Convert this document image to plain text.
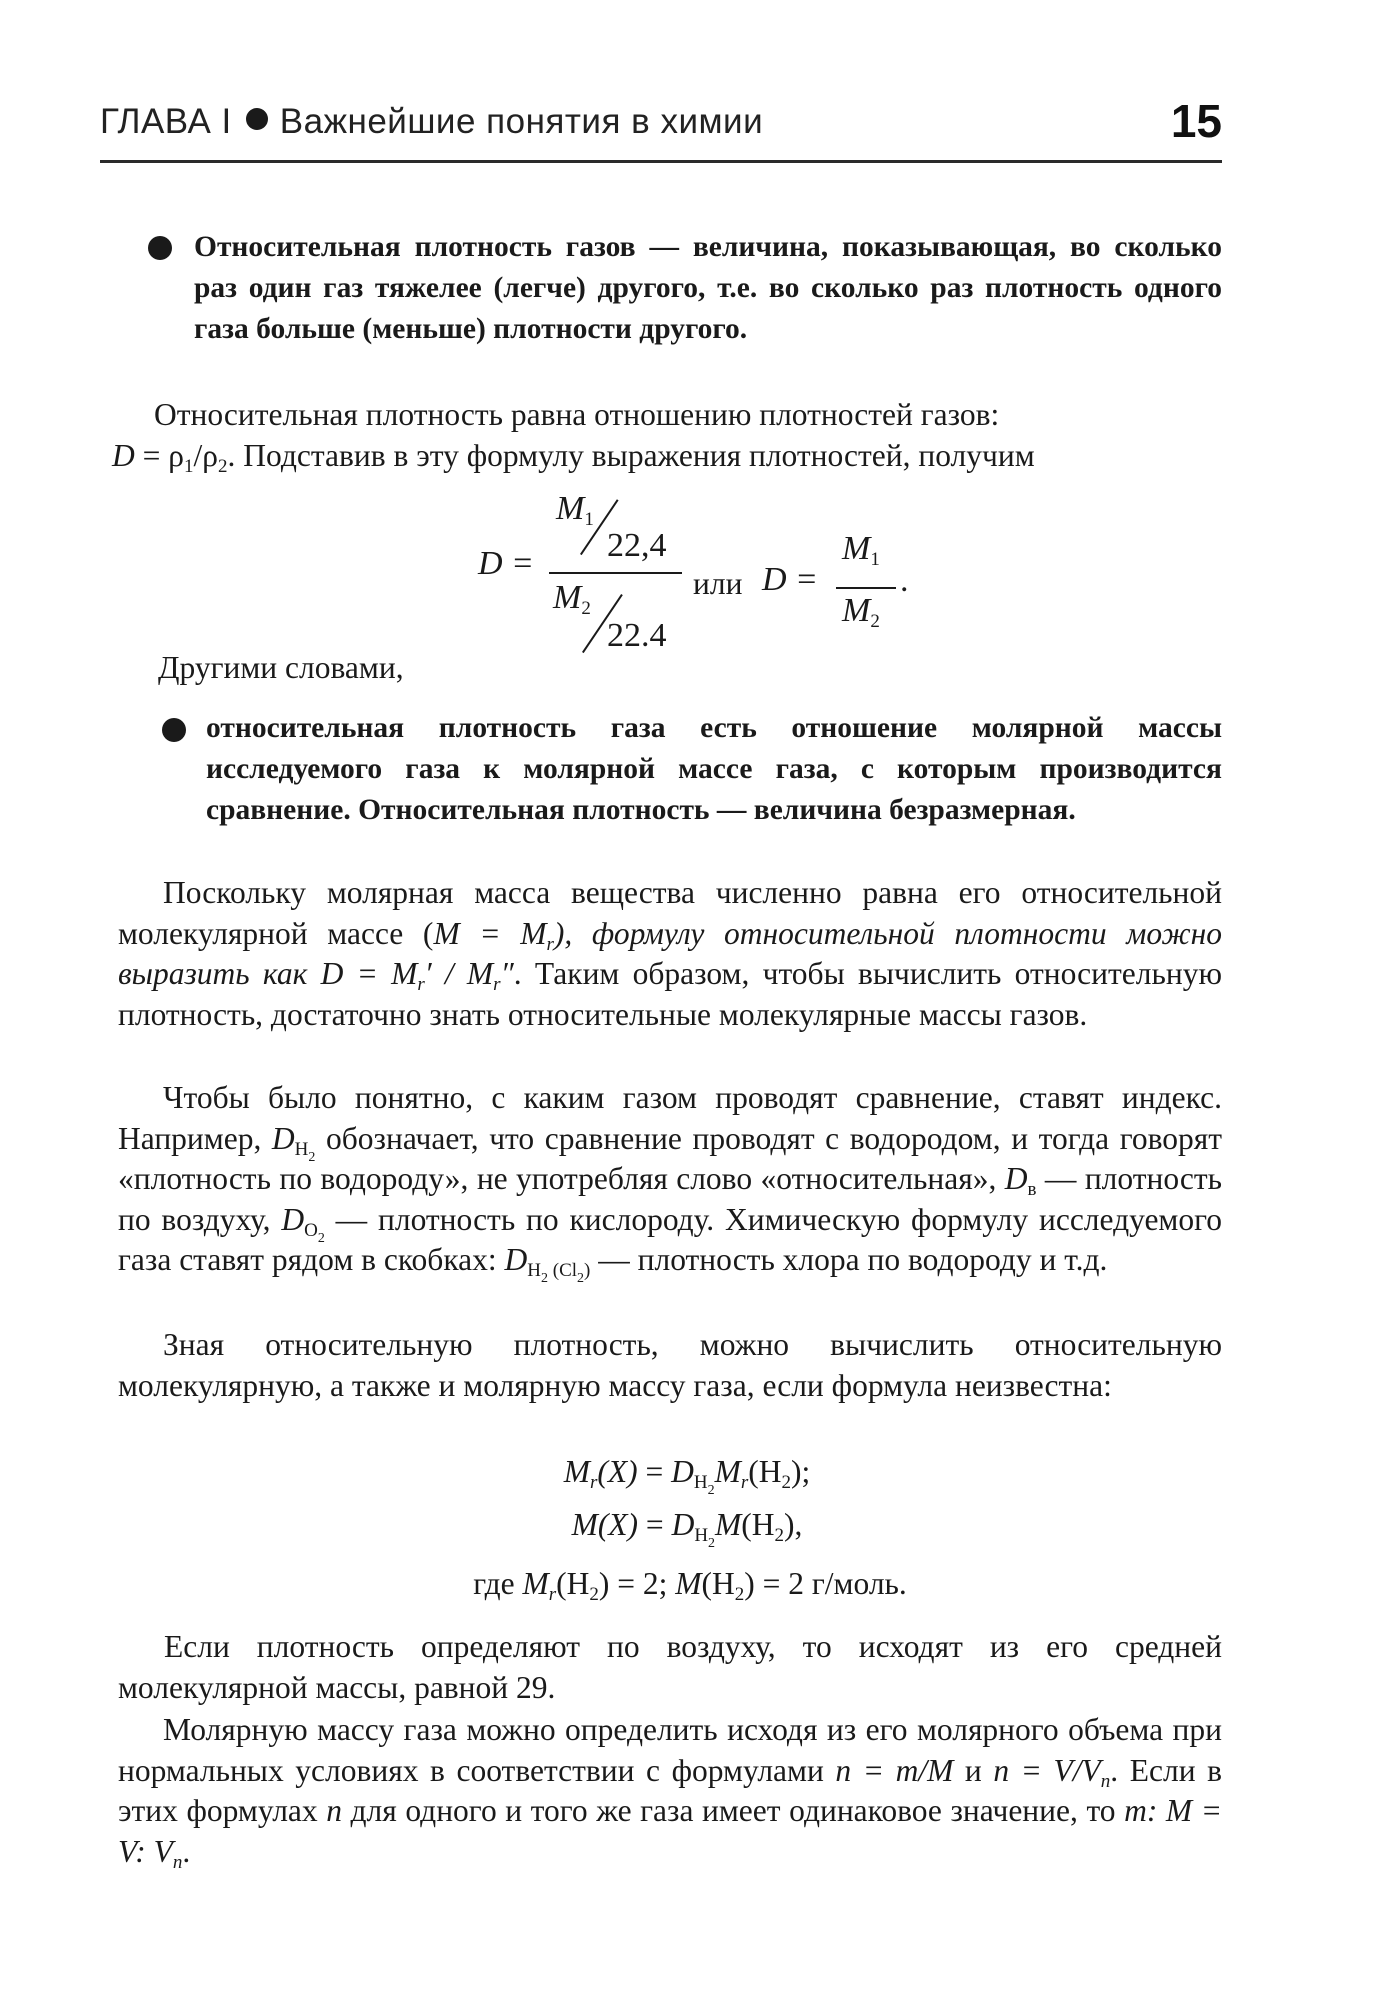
ГЛАВА I Важнейшие понятия в химии	15
Относительная плотность газов — величина, показывающая, во сколько раз один газ тяжелее (легче) другого, т.е. во сколько раз плотность одного газа больше (меньше) плотности другого.
Относительная плотность равна отношению плотностей газов:
$D = \rho_1/\rho_2$. Подставив в эту формулу выражения плотностей, получим
D =
$M_1$
22,4
$M_2$
22.4
или D =
$M_1$
$M_2$
.
Другими словами,
относительная плотность газа есть отношение молярной массы исследуемого газа к молярной массе газа, с которым производится сравнение. Относительная плотность — величина безразмерная.
Поскольку молярная масса вещества численно равна его относительной молекулярной массе $(M = M_r)$, формулу относительной плотности можно выразить как $D = M_r' / M_r''$. Таким образом, чтобы вычислить относительную плотность, достаточно знать относительные молекулярные массы газов.
Чтобы было понятно, с каким газом проводят сравнение, ставят индекс. Например, $D_{H_2}$ обозначает, что сравнение проводят с водородом, и тогда говорят «плотность по водороду», не употребляя слово «относительная», $D_в$ — плотность по воздуху, $D_{O_2}$ — плотность по кислороду. Химическую формулу исследуемого газа ставят рядом в скобках: $D_{H_2 (Cl_2)}$ — плотность хлора по водороду и т.д.
Зная относительную плотность, можно вычислить относительную молекулярную, а также и молярную массу газа, если формула неизвестна:
$M_r(X) = D_{H_2}M_r(H_2)$;
$M(X) = D_{H_2}M(H_2)$,
где $M_r(H_2) = 2$; $M(H_2) = 2$ г/моль.
Если плотность определяют по воздуху, то исходят из его средней молекулярной массы, равной 29.
Молярную массу газа можно определить исходя из его молярного объема при нормальных условиях в соответствии с формулами n = m/M и $n = V/V_n$. Если в этих формулах n для одного и того же газа имеет одинаковое значение, то m: M = V: $V_n$.
